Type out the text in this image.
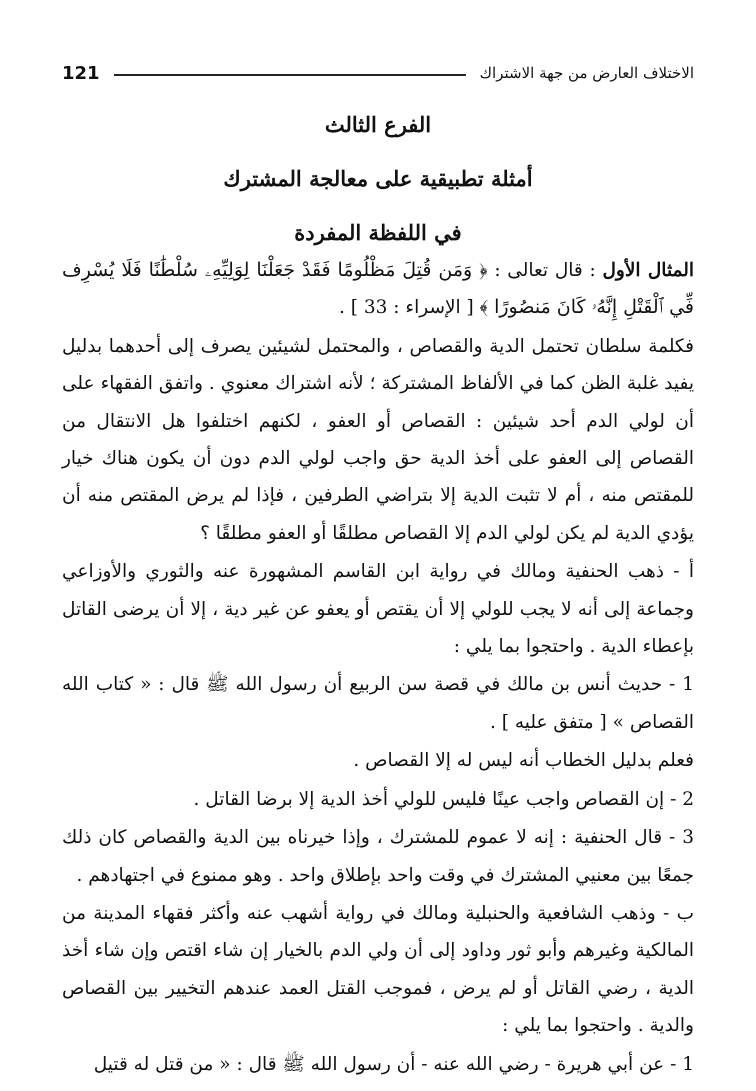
الاختلاف العارض من جهة الاشتراك
121

الفرع الثالث

أمثلة تطبيقية على معالجة المشترك

في اللفظة المفردة

المثال الأول : قال تعالى : ﴿ وَمَن قُتِلَ مَظْلُومًا فَقَدْ جَعَلْنَا لِوَلِيِّهِۦ سُلْطَٰنًا فَلَا يُسْرِف فِّي ٱلْقَتْلِ إِنَّهُۥ كَانَ مَنصُورًا ﴾ [ الإسراء : 33 ] .

فكلمة سلطان تحتمل الدية والقصاص ، والمحتمل لشيئين يصرف إلى أحدهما بدليل يفيد غلبة الظن كما في الألفاظ المشتركة ؛ لأنه اشتراك معنوي . واتفق الفقهاء على أن لولي الدم أحد شيئين : القصاص أو العفو ، لكنهم اختلفوا هل الانتقال من القصاص إلى العفو على أخذ الدية حق واجب لولي الدم دون أن يكون هناك خيار للمقتص منه ، أم لا تثبت الدية إلا بتراضي الطرفين ، فإذا لم يرض المقتص منه أن يؤدي الدية لم يكن لولي الدم إلا القصاص مطلقًا أو العفو مطلقًا ؟

أ - ذهب الحنفية ومالك في رواية ابن القاسم المشهورة عنه والثوري والأوزاعي وجماعة إلى أنه لا يجب للولي إلا أن يقتص أو يعفو عن غير دية ، إلا أن يرضى القاتل بإعطاء الدية . واحتجوا بما يلي :

1 - حديث أنس بن مالك في قصة سن الربيع أن رسول الله ﷺ قال : « كتاب الله القصاص » [ متفق عليه ] .

فعلم بدليل الخطاب أنه ليس له إلا القصاص .

2 - إن القصاص واجب عينًا فليس للولي أخذ الدية إلا برضا القاتل .

3 - قال الحنفية : إنه لا عموم للمشترك ، وإذا خيرناه بين الدية والقصاص كان ذلك جمعًا بين معنيي المشترك في وقت واحد بإطلاق واحد . وهو ممنوع في اجتهادهم .

ب - وذهب الشافعية والحنبلية ومالك في رواية أشهب عنه وأكثر فقهاء المدينة من المالكية وغيرهم وأبو ثور وداود إلى أن ولي الدم بالخيار إن شاء اقتص وإن شاء أخذ الدية ، رضي القاتل أو لم يرض ، فموجب القتل العمد عندهم التخيير بين القصاص والدية . واحتجوا بما يلي :

1 - عن أبي هريرة - رضي الله عنه - أن رسول الله ﷺ قال : « من قتل له قتيل
